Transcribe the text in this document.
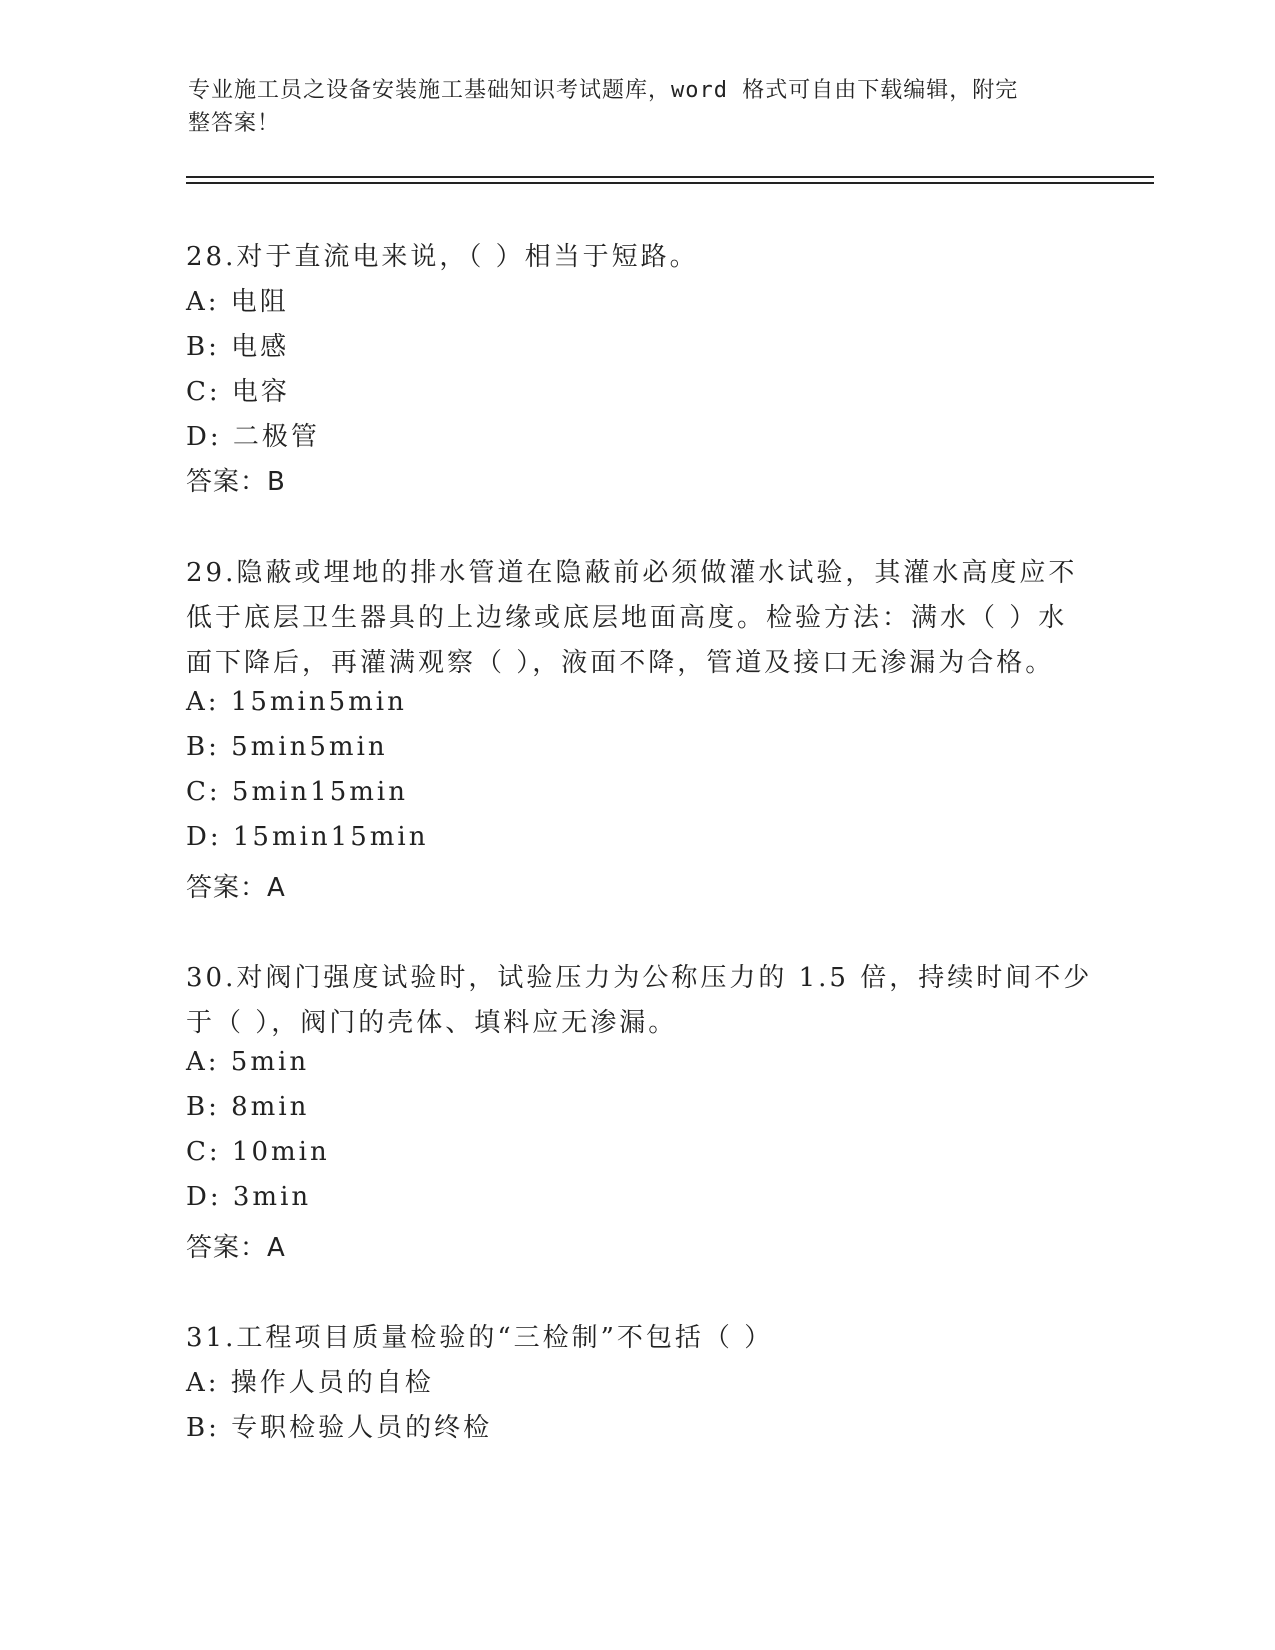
专业施工员之设备安装施工基础知识考试题库，word 格式可自由下载编辑，附完
整答案！
28.对于直流电来说，（ ）相当于短路。
A: 电阻
B: 电感
C: 电容
D: 二极管
答案：B
29.隐蔽或埋地的排水管道在隐蔽前必须做灌水试验，其灌水高度应不
低于底层卫生器具的上边缘或底层地面高度。检验方法：满水（ ）水
面下降后，再灌满观察（ ），液面不降，管道及接口无渗漏为合格。
A: 15min5min
B: 5min5min
C: 5min15min
D: 15min15min
答案：A
30.对阀门强度试验时，试验压力为公称压力的 1.5 倍，持续时间不少
于（ ），阀门的壳体、填料应无渗漏。
A: 5min
B: 8min
C: 10min
D: 3min
答案：A
31.工程项目质量检验的“三检制”不包括（ ）
A: 操作人员的自检
B: 专职检验人员的终检
